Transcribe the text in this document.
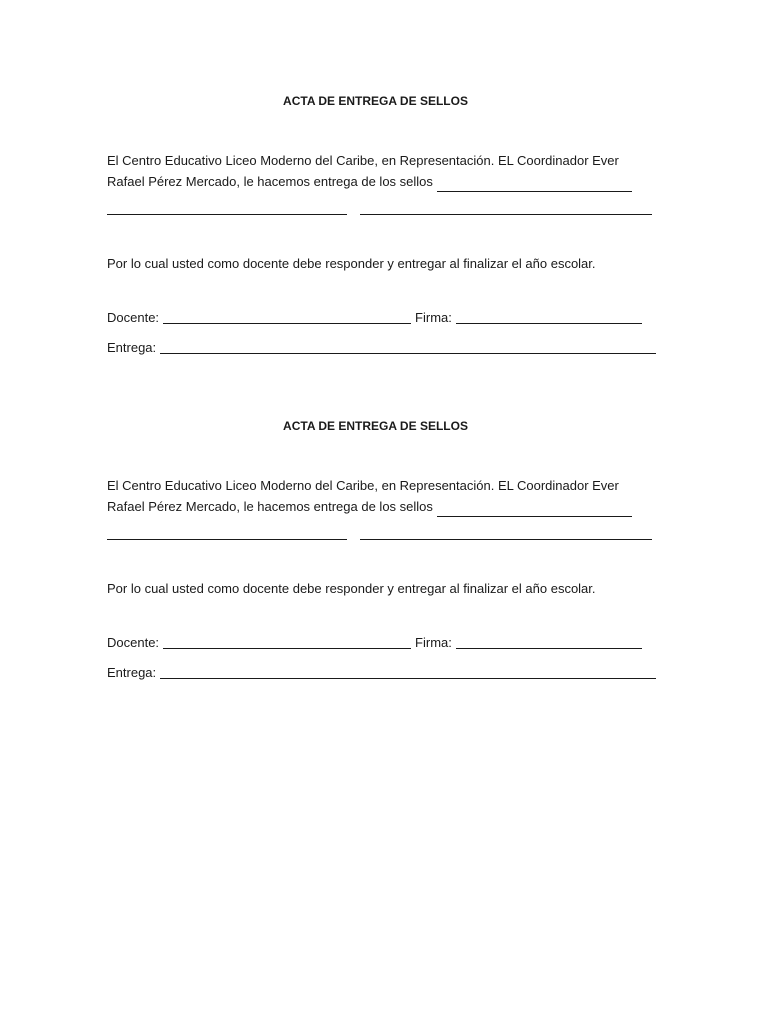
ACTA DE ENTREGA DE SELLOS

El Centro Educativo Liceo Moderno del Caribe, en Representación. EL Coordinador Ever

Rafael Pérez Mercado, le hacemos entrega de los sellos
Por lo cual usted como docente debe responder y entregar al finalizar el año escolar.
Docente:	Firma:
Entrega:
ACTA DE ENTREGA DE SELLOS

El Centro Educativo Liceo Moderno del Caribe, en Representación. EL Coordinador Ever

Rafael Pérez Mercado, le hacemos entrega de los sellos
Por lo cual usted como docente debe responder y entregar al finalizar el año escolar.
Docente:	Firma:
Entrega:
